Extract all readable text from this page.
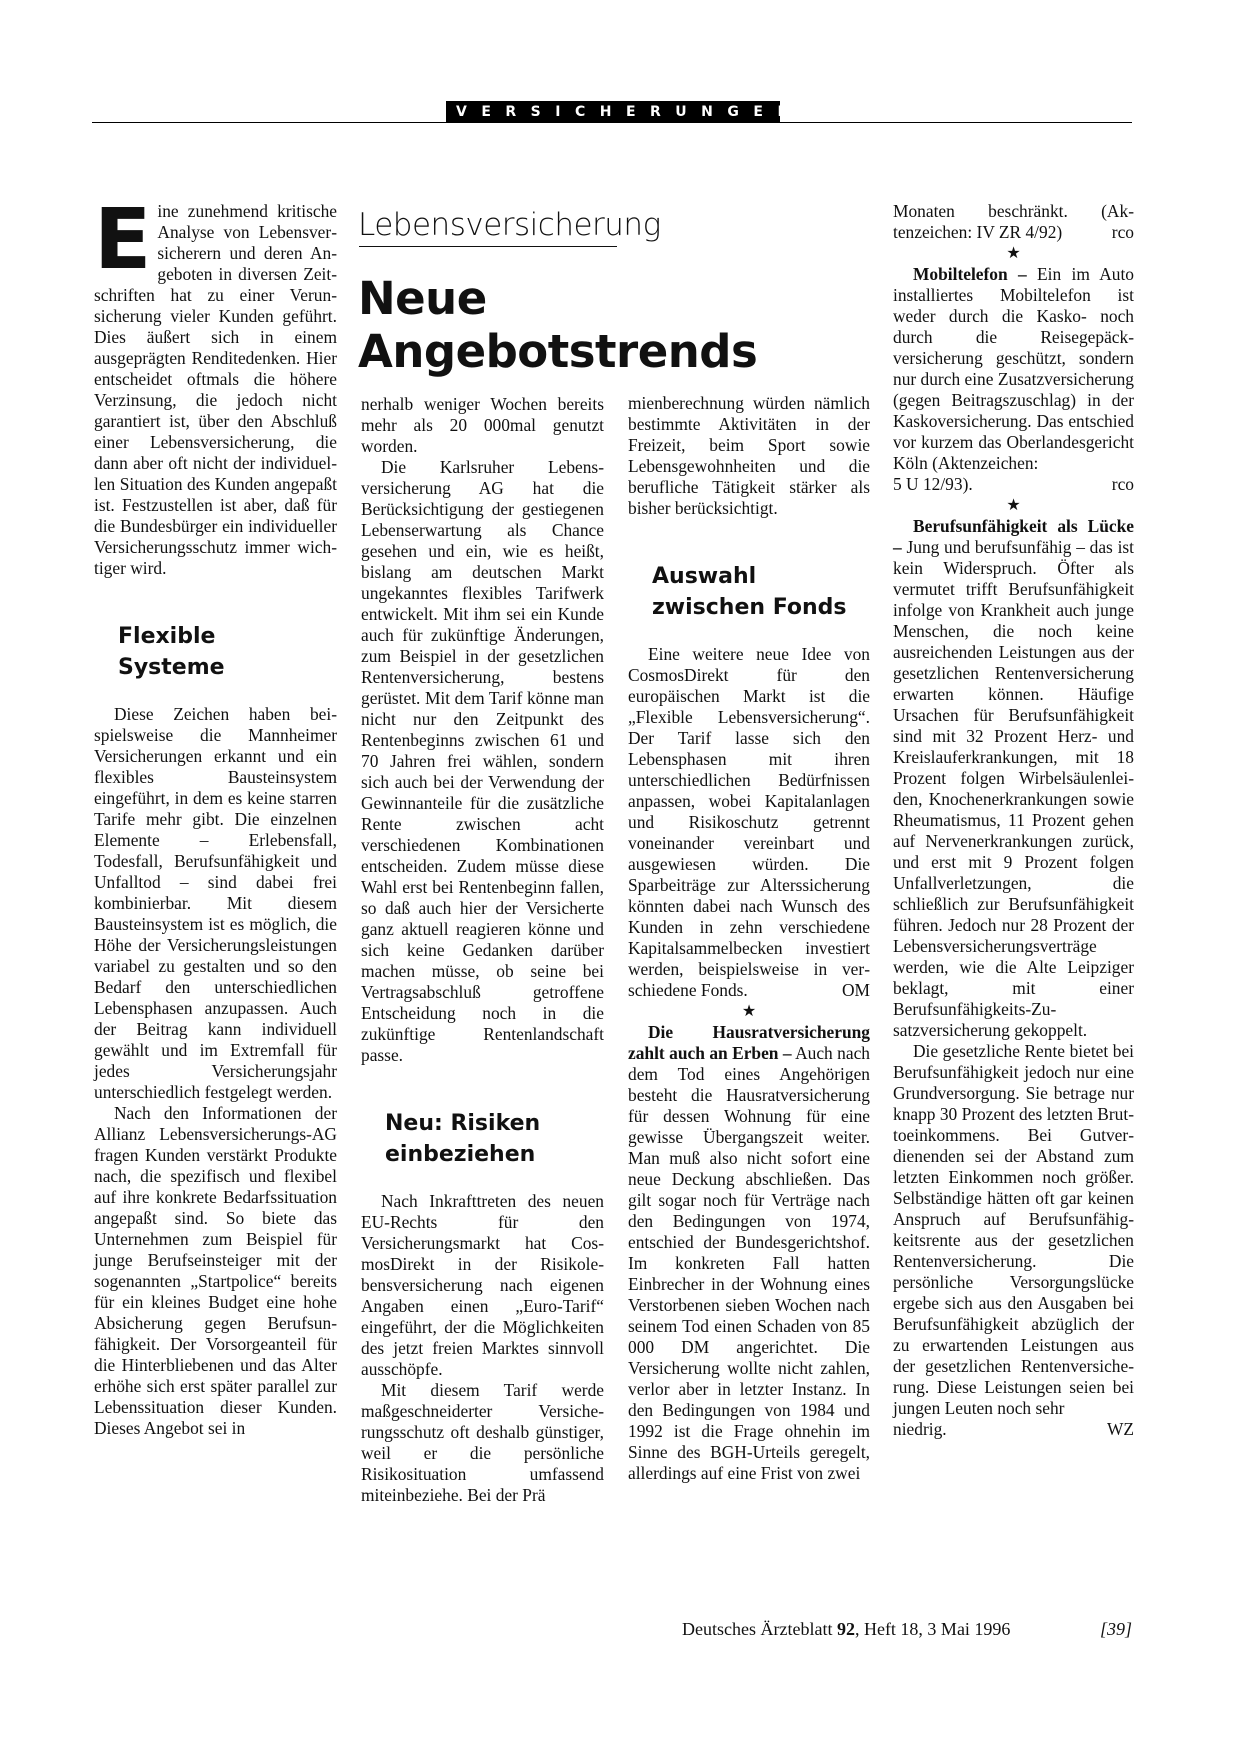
VERSICHERUNGEN
Lebensversicherung
Neue
Angebotstrends

Eine zunehmend kritische Analyse von Lebensversicherern und deren Angeboten in diversen Zeitschriften hat zu einer Verunsicherung vieler Kunden geführt. Dies äußert sich in einem ausgeprägten Renditedenken. Hier entscheidet oftmals die höhere Verzinsung, die jedoch nicht garantiert ist, über den Abschluß einer Lebensversicherung, die dann aber oft nicht der individuellen Situation des Kunden angepaßt ist. Festzustellen ist aber, daß für die Bundesbürger ein individueller Versicherungsschutz immer wichtiger wird.

Flexible
Systeme

Diese Zeichen haben beispielsweise die Mannheimer Versicherungen erkannt und ein flexibles Bausteinsystem eingeführt, in dem es keine starren Tarife mehr gibt. Die einzelnen Elemente – Erlebensfall, Todesfall, Berufsunfähigkeit und Unfalltod – sind dabei frei kombinierbar. Mit diesem Bausteinsystem ist es möglich, die Höhe der Versicherungsleistungen variabel zu gestalten und so den Bedarf den unterschiedlichen Lebensphasen anzupassen. Auch der Beitrag kann individuell gewählt und im Extremfall für jedes Versicherungsjahr unterschiedlich festgelegt werden.

Nach den Informationen der Allianz Lebensversicherungs-AG fragen Kunden verstärkt Produkte nach, die spezifisch und flexibel auf ihre konkrete Bedarfssituation angepaßt sind. So biete das Unternehmen zum Beispiel für junge Berufseinsteiger mit der sogenannten „Startpolice“ bereits für ein kleines Budget eine hohe Absicherung gegen Berufsunfähigkeit. Der Vorsorgeanteil für die Hinterbliebenen und das Alter erhöhe sich erst später parallel zur Lebenssituation dieser Kunden. Dieses Angebot sei in

nerhalb weniger Wochen bereits mehr als 20 000mal genutzt worden.

Die Karlsruher Lebensversicherung AG hat die Berücksichtigung der gestiegenen Lebenserwartung als Chance gesehen und ein, wie es heißt, bislang am deutschen Markt ungekanntes flexibles Tarifwerk entwickelt. Mit ihm sei ein Kunde auch für zukünftige Änderungen, zum Beispiel in der gesetzlichen Rentenversicherung, bestens gerüstet. Mit dem Tarif könne man nicht nur den Zeitpunkt des Rentenbeginns zwischen 61 und 70 Jahren frei wählen, sondern sich auch bei der Verwendung der Gewinnanteile für die zusätzliche Rente zwischen acht verschiedenen Kombinationen entscheiden. Zudem müsse diese Wahl erst bei Rentenbeginn fallen, so daß auch hier der Versicherte ganz aktuell reagieren könne und sich keine Gedanken darüber machen müsse, ob seine bei Vertragsabschluß getroffene Entscheidung noch in die zukünftige Rentenlandschaft passe.

Neu: Risiken
einbeziehen

Nach Inkrafttreten des neuen EU-Rechts für den Versicherungsmarkt hat CosmosDirekt in der Risikolebensversicherung nach eigenen Angaben einen „Euro-Tarif“ eingeführt, der die Möglichkeiten des jetzt freien Marktes sinnvoll ausschöpfe.

Mit diesem Tarif werde maßgeschneiderter Versicherungsschutz oft deshalb günstiger, weil er die persönliche Risikosituation umfassend miteinbeziehe. Bei der Prä

mienberechnung würden nämlich bestimmte Aktivitäten in der Freizeit, beim Sport sowie Lebensgewohnheiten und die berufliche Tätigkeit stärker als bisher berücksichtigt.

Auswahl
zwischen Fonds

Eine weitere neue Idee von CosmosDirekt für den europäischen Markt ist die „Flexible Lebensversicherung“. Der Tarif lasse sich den Lebensphasen mit ihren unterschiedlichen Bedürfnissen anpassen, wobei Kapitalanlagen und Risikoschutz getrennt voneinander vereinbart und ausgewiesen würden. Die Sparbeiträge zur Alterssicherung könnten dabei nach Wunsch des Kunden in zehn verschiedene Kapitalsammelbecken investiert werden, beispielsweise in verschiedene Fonds.	OM

★

Die Hausratversicherung zahlt auch an Erben – Auch nach dem Tod eines Angehörigen besteht die Hausratversicherung für dessen Wohnung für eine gewisse Übergangszeit weiter. Man muß also nicht sofort eine neue Deckung abschließen. Das gilt sogar noch für Verträge nach den Bedingungen von 1974, entschied der Bundesgerichtshof. Im konkreten Fall hatten Einbrecher in der Wohnung eines Verstorbenen sieben Wochen nach seinem Tod einen Schaden von 85 000 DM angerichtet. Die Versicherung wollte nicht zahlen, verlor aber in letzter Instanz. In den Bedingungen von 1984 und 1992 ist die Frage ohnehin im Sinne des BGH-Urteils geregelt, allerdings auf eine Frist von zwei

Monaten beschränkt. (Aktenzeichen: IV ZR 4/92)	rco

★

Mobiltelefon – Ein im Auto installiertes Mobiltelefon ist weder durch die Kasko- noch durch die Reisegepäckversicherung geschützt, sondern nur durch eine Zusatzversicherung (gegen Beitragszuschlag) in der Kaskoversicherung. Das entschied vor kurzem das Oberlandesgericht Köln (Aktenzeichen:

5 U 12/93).	rco
★

Berufsunfähigkeit als Lücke – Jung und berufsunfähig – das ist kein Widerspruch. Öfter als vermutet trifft Berufsunfähigkeit infolge von Krankheit auch junge Menschen, die noch keine ausreichenden Leistungen aus der gesetzlichen Rentenversicherung erwarten können. Häufige Ursachen für Berufsunfähigkeit sind mit 32 Prozent Herz- und Kreislauferkrankungen, mit 18 Prozent folgen Wirbelsäulenleiden, Knochenerkrankungen sowie Rheumatismus, 11 Prozent gehen auf Nervenerkrankungen zurück, und erst mit 9 Prozent folgen Unfallverletzungen, die schließlich zur Berufsunfähigkeit führen. Jedoch nur 28 Prozent der Lebensversicherungsverträge werden, wie die Alte Leipziger beklagt, mit einer Berufsunfähigkeits-Zusatzversicherung gekoppelt.

Die gesetzliche Rente bietet bei Berufsunfähigkeit jedoch nur eine Grundversorgung. Sie betrage nur knapp 30 Prozent des letzten Bruttoeinkommens. Bei Gutverdienenden sei der Abstand zum letzten Einkommen noch größer. Selbständige hätten oft gar keinen Anspruch auf Berufsunfähigkeitsrente aus der gesetzlichen Rentenversicherung. Die persönliche Versorgungslücke ergebe sich aus den Ausgaben bei Berufsunfähigkeit abzüglich der zu erwartenden Leistungen aus der gesetzlichen Rentenversicherung. Diese Leistungen seien bei jungen Leuten noch sehr

niedrig.	WZ
Deutsches Ärzteblatt 92, Heft 18, 3 Mai 1996	[39]
